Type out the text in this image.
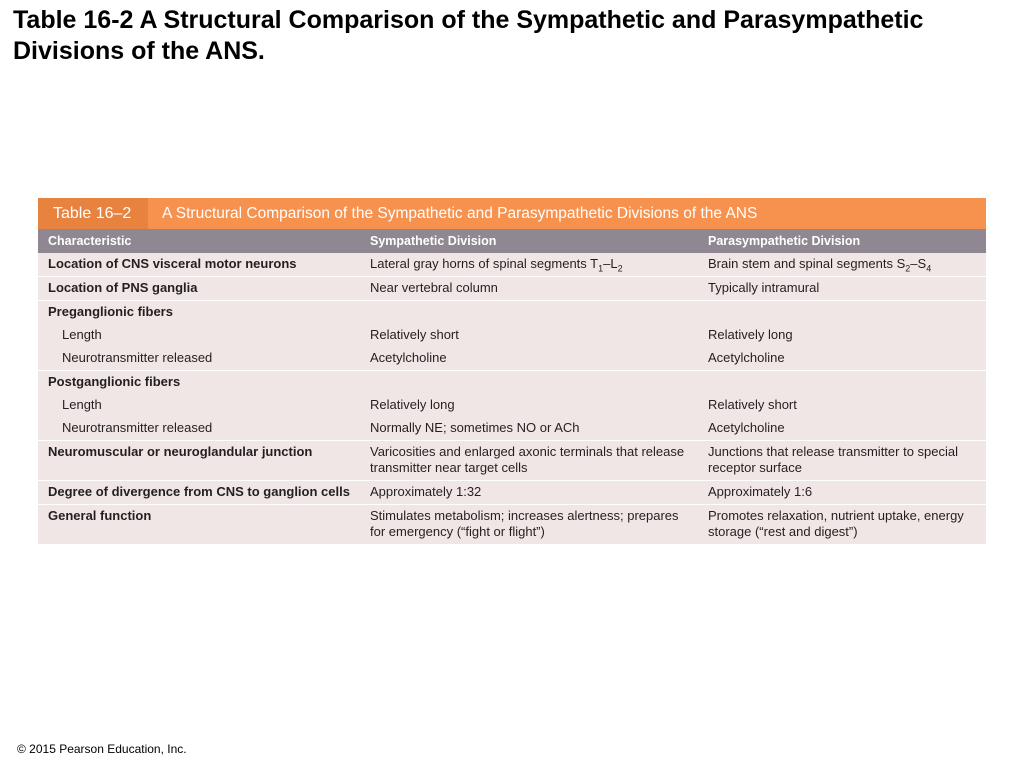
Table 16-2 A Structural Comparison of the Sympathetic and Parasympathetic Divisions of the ANS.
Table 16–2	A Structural Comparison of the Sympathetic and Parasympathetic Divisions of the ANS
Characteristic	Sympathetic Division	Parasympathetic Division
Location of CNS visceral motor neurons	Lateral gray horns of spinal segments $T_1-L_2$	Brain stem and spinal segments $S_2-S_4$
Location of PNS ganglia	Near vertebral column	Typically intramural
Preganglionic fibers		
Length	Relatively short	Relatively long
Neurotransmitter released	Acetylcholine	Acetylcholine
Postganglionic fibers		
Length	Relatively long	Relatively short
Neurotransmitter released	Normally NE; sometimes NO or ACh	Acetylcholine
Neuromuscular or neuroglandular junction	Varicosities and enlarged axonic terminals that release transmitter near target cells	Junctions that release transmitter to special receptor surface
Degree of divergence from CNS to ganglion cells	Approximately 1:32	Approximately 1:6
General function	Stimulates metabolism; increases alertness; prepares for emergency (“fight or flight”)	Promotes relaxation, nutrient uptake, energy storage (“rest and digest”)
© 2015 Pearson Education, Inc.
